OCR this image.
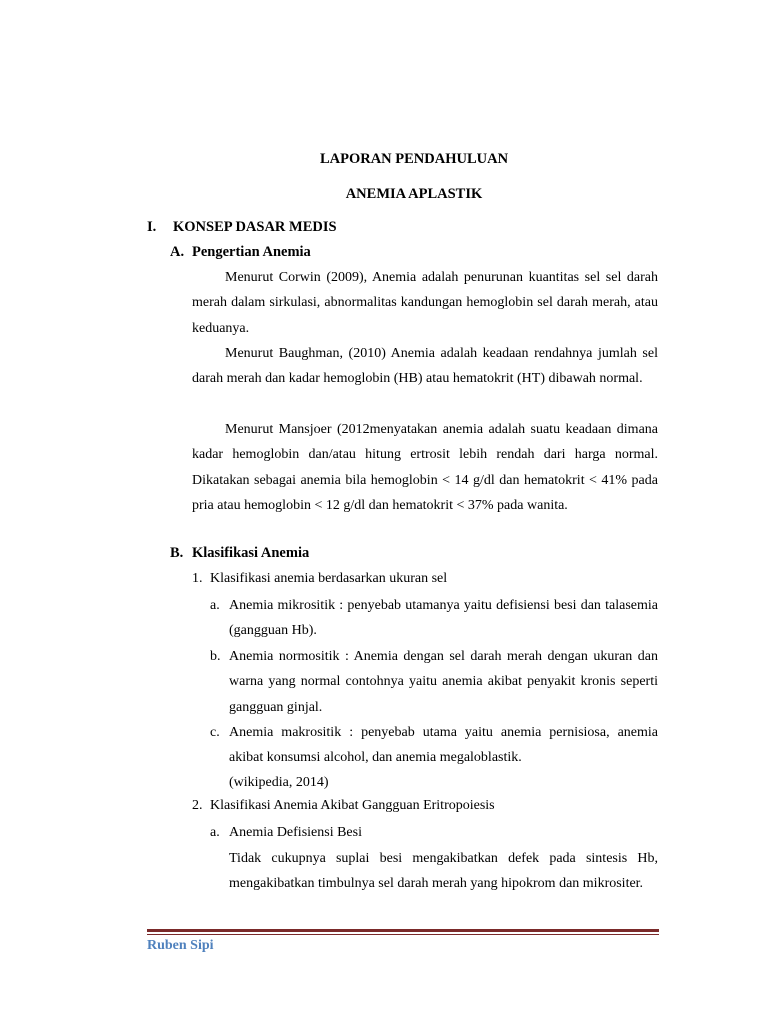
LAPORAN PENDAHULUAN
ANEMIA APLASTIK
I. KONSEP DASAR MEDIS
A. Pengertian Anemia

Menurut Corwin (2009), Anemia adalah penurunan kuantitas sel sel darah merah dalam sirkulasi, abnormalitas kandungan hemoglobin sel darah merah, atau keduanya.

Menurut Baughman, (2010) Anemia adalah keadaan rendahnya jumlah sel darah merah dan kadar hemoglobin (HB) atau hematokrit (HT) dibawah normal.

Menurut Mansjoer (2012menyatakan anemia adalah suatu keadaan dimana kadar hemoglobin dan/atau hitung ertrosit lebih rendah dari harga normal. Dikatakan sebagai anemia bila hemoglobin < 14 g/dl dan hematokrit < 41% pada pria atau hemoglobin < 12 g/dl dan hematokrit < 37% pada wanita.

B. Klasifikasi Anemia
1. Klasifikasi anemia berdasarkan ukuran sel
a. Anemia mikrositik : penyebab utamanya yaitu defisiensi besi dan talasemia (gangguan Hb).
b. Anemia normositik : Anemia dengan sel darah merah dengan ukuran dan warna yang normal contohnya yaitu anemia akibat penyakit kronis seperti gangguan ginjal.
c. Anemia makrositik : penyebab utama yaitu anemia pernisiosa, anemia akibat konsumsi alcohol, dan anemia megaloblastik.

(wikipedia, 2014)

2. Klasifikasi Anemia Akibat Gangguan Eritropoiesis
a. Anemia Defisiensi Besi

Tidak cukupnya suplai besi mengakibatkan defek pada sintesis Hb, mengakibatkan timbulnya sel darah merah yang hipokrom dan mikrositer.

Ruben Sipi
